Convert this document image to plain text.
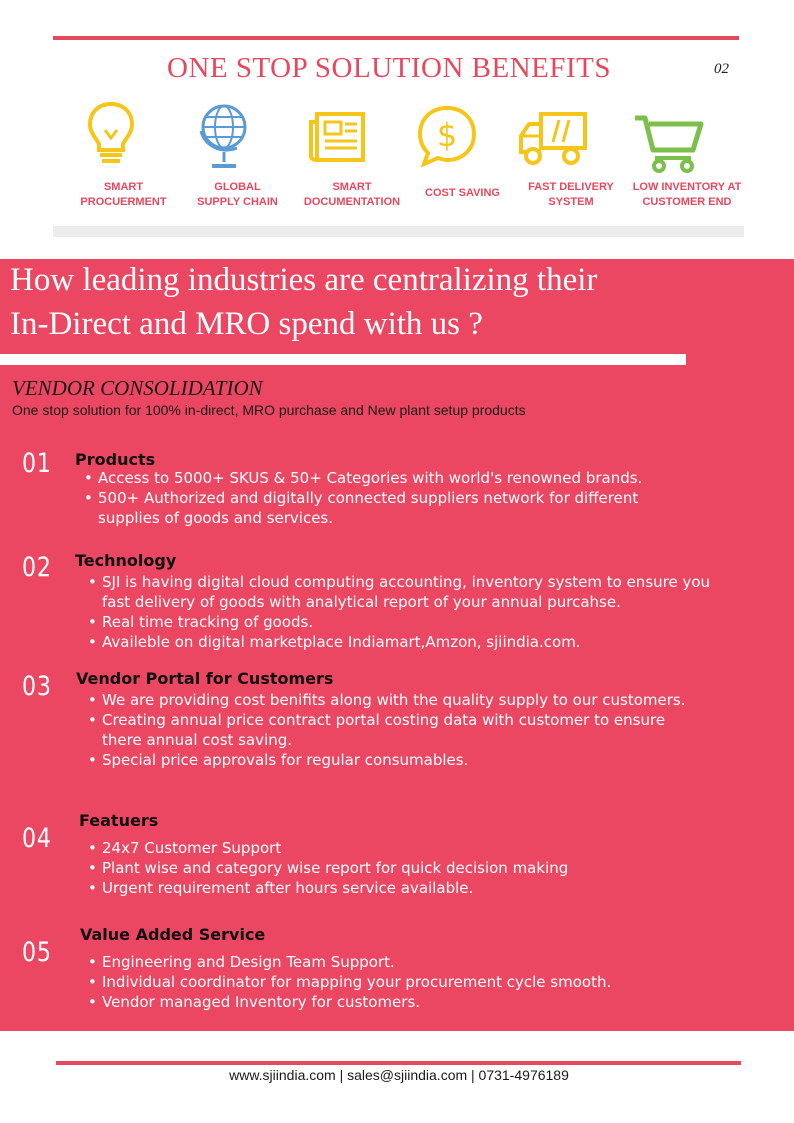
ONE STOP SOLUTION BENEFITS	02
SMART
PROCUERMENT
GLOBAL
SUPPLY CHAIN
SMART
DOCUMENTATION
$
COST SAVING	FAST DELIVERY
SYSTEM
LOW INVENTORY AT
CUSTOMER END
How leading industries are centralizing their
In-Direct and MRO spend with us ?
VENDOR CONSOLIDATION
One stop solution for 100% in-direct, MRO purchase and New plant setup products
01 Products
• Access to 5000+ SKUS & 50+ Categories with world's renowned brands.
• 500+ Authorized and digitally connected suppliers network for different supplies of goods and services.
02 Technology
• SJI is having digital cloud computing accounting, inventory system to ensure you fast delivery of goods with analytical report of your annual purcahse.
• Real time tracking of goods.
• Availeble on digital marketplace Indiamart,Amzon, sjiindia.com.
03 Vendor Portal for Customers
• We are providing cost benifits along with the quality supply to our customers.
• Creating annual price contract portal costing data with customer to ensure there annual cost saving.
• Special price approvals for regular consumables.
04
Featuers
• 24x7 Customer Support
• Plant wise and category wise report for quick decision making
• Urgent requirement after hours service available.
05
Value Added Service
• Engineering and Design Team Support.
• Individual coordinator for mapping your procurement cycle smooth.
• Vendor managed Inventory for customers.
www.sjiindia.com | sales@sjiindia.com | 0731-4976189
